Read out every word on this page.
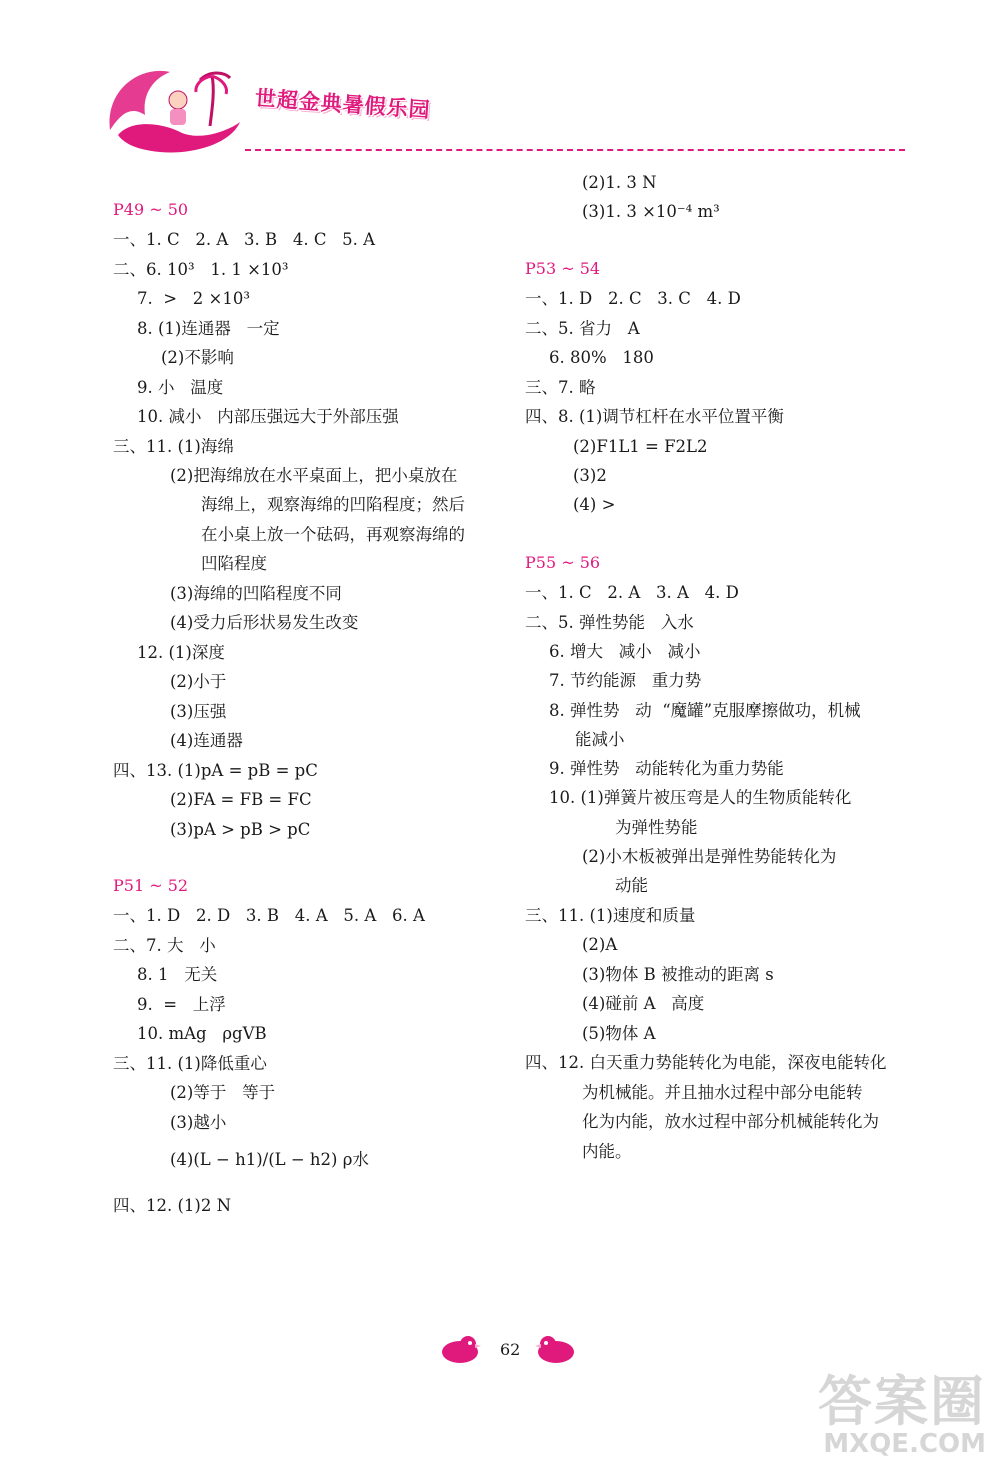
世超金典暑假乐园
P49 ~ 50
一、1. C   2. A   3. B   4. C   5. A
二、6. 10³   1. 1 ×10³
7.  >   2 ×10³
8. (1)连通器   一定
(2)不影响
9. 小   温度
10. 减小   内部压强远大于外部压强
三、11. (1)海绵
(2)把海绵放在水平桌面上，把小桌放在
海绵上，观察海绵的凹陷程度；然后
在小桌上放一个砝码，再观察海绵的
凹陷程度
(3)海绵的凹陷程度不同
(4)受力后形状易发生改变
12. (1)深度
(2)小于
(3)压强
(4)连通器
四、13. (1)pA = pB = pC
(2)FA = FB = FC
(3)pA > pB > pC
P51 ~ 52
一、1. D   2. D   3. B   4. A   5. A   6. A
二、7. 大   小
8. 1   无关
9.  =   上浮
10. mAg   ρgVB
三、11. (1)降低重心
(2)等于   等于
(3)越小
(4)(L − h1)/(L − h2) ρ水
四、12. (1)2 N
(2)1. 3 N
(3)1. 3 ×10⁻⁴ m³
P53 ~ 54
一、1. D   2. C   3. C   4. D
二、5. 省力   A
6. 80%   180
三、7. 略
四、8. (1)调节杠杆在水平位置平衡
(2)F1L1 = F2L2
(3)2
(4) >
P55 ~ 56
一、1. C   2. A   3. A   4. D
二、5. 弹性势能   入水
6. 增大   减小   减小
7. 节约能源   重力势
8. 弹性势   动  “魔罐”克服摩擦做功，机械
能减小
9. 弹性势   动能转化为重力势能
10. (1)弹簧片被压弯是人的生物质能转化
为弹性势能
(2)小木板被弹出是弹性势能转化为
动能
三、11. (1)速度和质量
(2)A
(3)物体 B 被推动的距离 s
(4)碰前 A   高度
(5)物体 A
四、12. 白天重力势能转化为电能，深夜电能转化
为机械能。并且抽水过程中部分电能转
化为内能，放水过程中部分机械能转化为
内能。
62
答案圈
MXQE.COM
